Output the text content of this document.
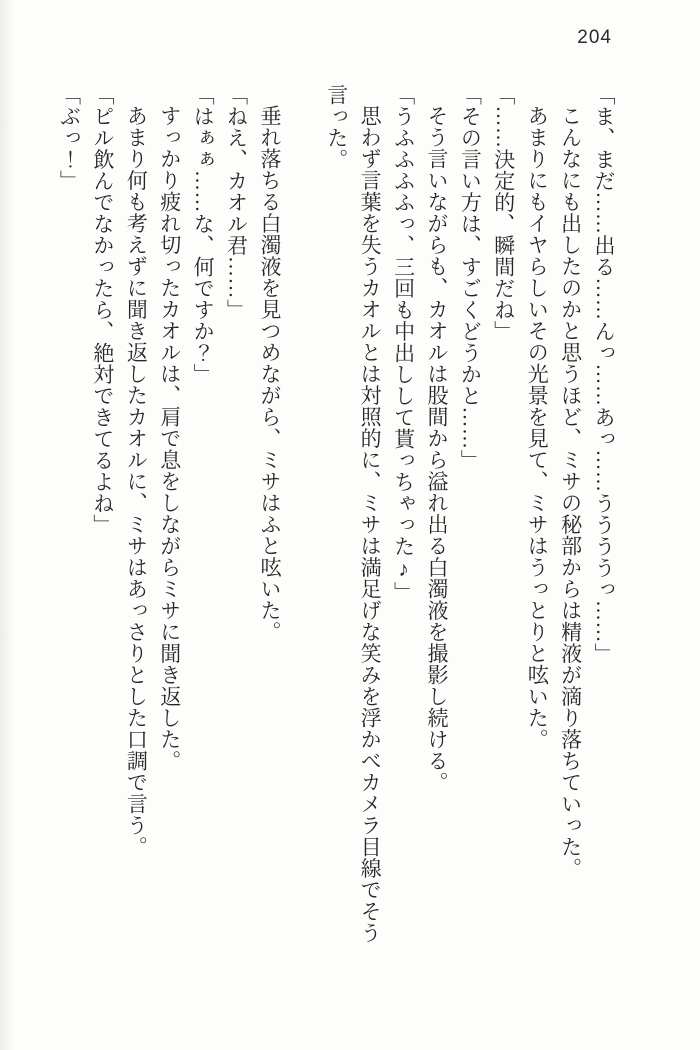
204

「ま、まだ……出る……んっ……あっ……ううううっ……」

こんなにも出したのかと思うほど、ミサの秘部からは精液が滴り落ちていった。

あまりにもイヤらしいその光景を見て、ミサはうっとりと呟いた。

「……決定的、瞬間だね」

「その言い方は、すごくどうかと……」

そう言いながらも、カオルは股間から溢れ出る白濁液を撮影し続ける。

「うふふふふっ、三回も中出しして貰っちゃった♪」

思わず言葉を失うカオルとは対照的に、ミサは満足げな笑みを浮かべカメラ目線でそう

言った。

​

垂れ落ちる白濁液を見つめながら、ミサはふと呟いた。

「ねえ、カオル君……」

「はぁぁ……な、何ですか？」

すっかり疲れ切ったカオルは、肩で息をしながらミサに聞き返した。

あまり何も考えずに聞き返したカオルに、ミサはあっさりとした口調で言う。

「ピル飲んでなかったら、絶対できてるよね」

「ぶっ！」
